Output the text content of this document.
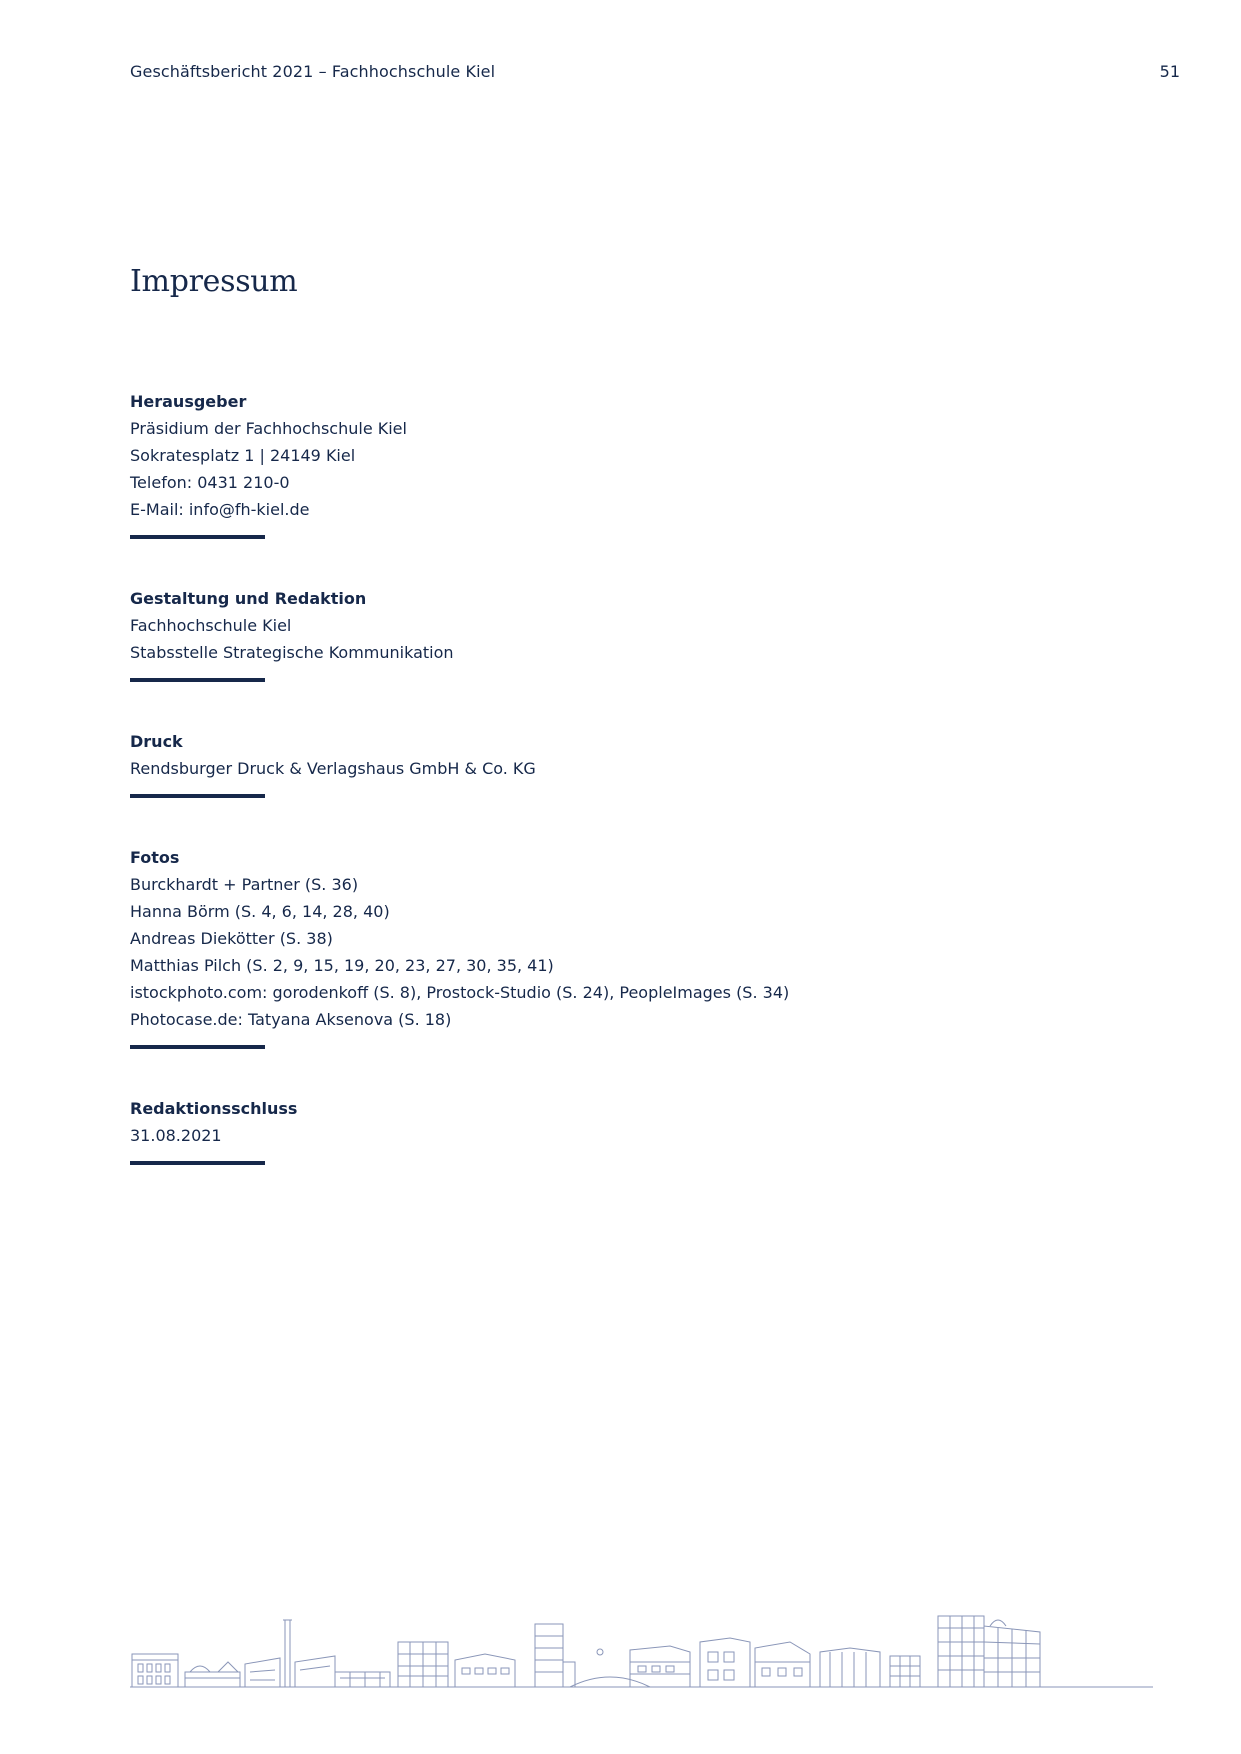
Geschäftsbericht 2021 – Fachhochschule Kiel	51
Impressum
Herausgeber
Präsidium der Fachhochschule Kiel
Sokratesplatz 1 | 24149 Kiel
Telefon: 0431 210-0
E-Mail: info@fh-kiel.de
Gestaltung und Redaktion
Fachhochschule Kiel
Stabsstelle Strategische Kommunikation
Druck
Rendsburger Druck & Verlagshaus GmbH & Co. KG
Fotos
Burckhardt + Partner (S. 36)
Hanna Börm (S. 4, 6, 14, 28, 40)
Andreas Diekötter (S. 38)
Matthias Pilch (S. 2, 9, 15, 19, 20, 23, 27, 30, 35, 41)
istockphoto.com: gorodenkoff (S. 8), Prostock-Studio (S. 24), PeopleImages (S. 34)
Photocase.de: Tatyana Aksenova (S. 18)
Redaktionsschluss
31.08.2021
